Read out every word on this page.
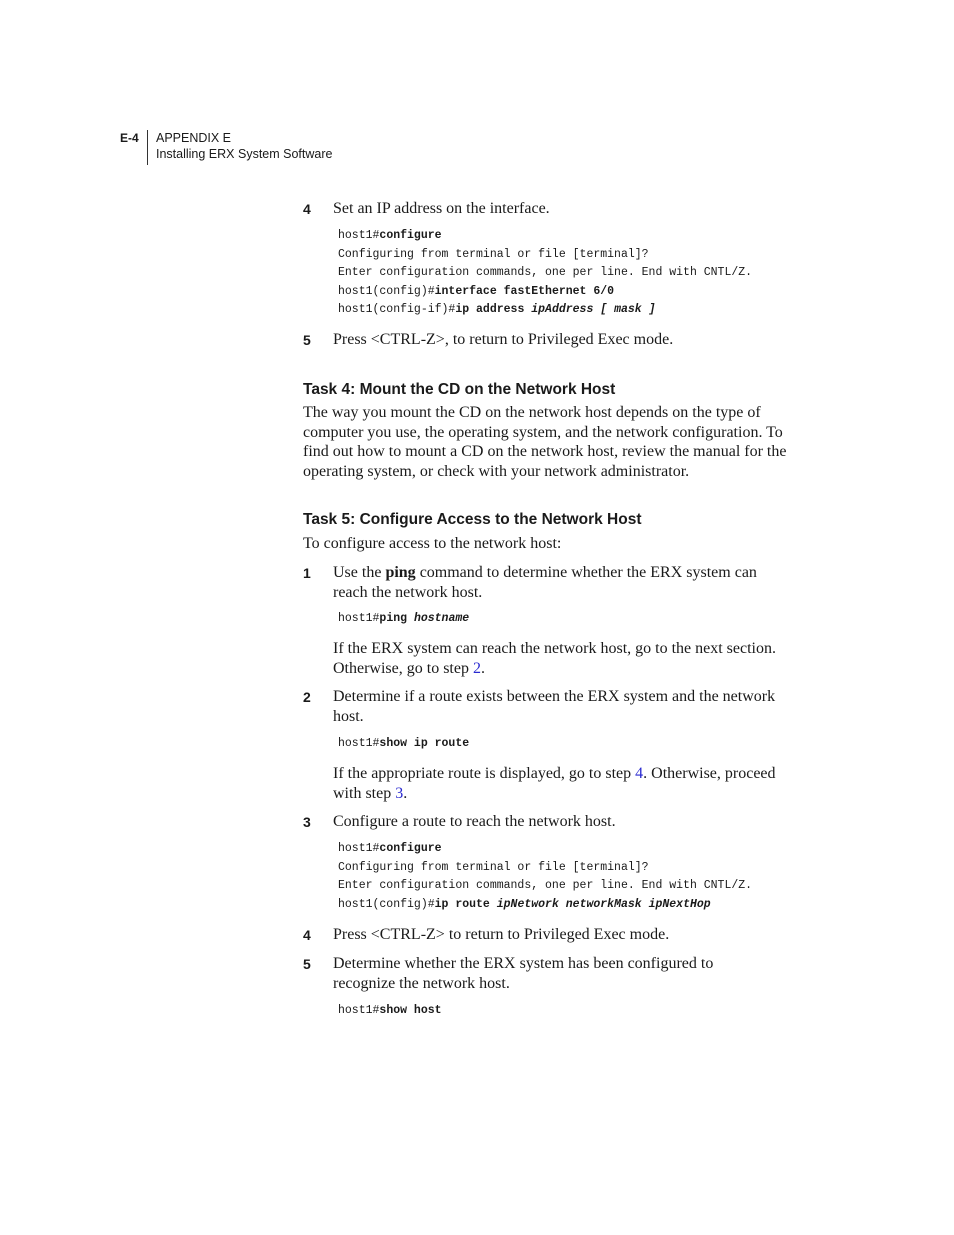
E-4 APPENDIX E
Installing ERX System Software
4 Set an IP address on the interface.
host1#configure
Configuring from terminal or file [terminal]?
Enter configuration commands, one per line. End with CNTL/Z.
host1(config)#interface fastEthernet 6/0
host1(config-if)#ip address ipAddress [ mask ]
5 Press <CTRL-Z>, to return to Privileged Exec mode.
Task 4: Mount the CD on the Network Host
The way you mount the CD on the network host depends on the type of computer you use, the operating system, and the network configuration. To find out how to mount a CD on the network host, review the manual for the operating system, or check with your network administrator.
Task 5: Configure Access to the Network Host
To configure access to the network host:
1 Use the ping command to determine whether the ERX system can reach the network host.
host1#ping hostname
If the ERX system can reach the network host, go to the next section. Otherwise, go to step 2.
2 Determine if a route exists between the ERX system and the network host.
host1#show ip route
If the appropriate route is displayed, go to step 4. Otherwise, proceed with step 3.
3 Configure a route to reach the network host.
host1#configure
Configuring from terminal or file [terminal]?
Enter configuration commands, one per line. End with CNTL/Z.
host1(config)#ip route ipNetwork networkMask ipNextHop
4 Press <CTRL-Z> to return to Privileged Exec mode.
5 Determine whether the ERX system has been configured to recognize the network host.
host1#show host
